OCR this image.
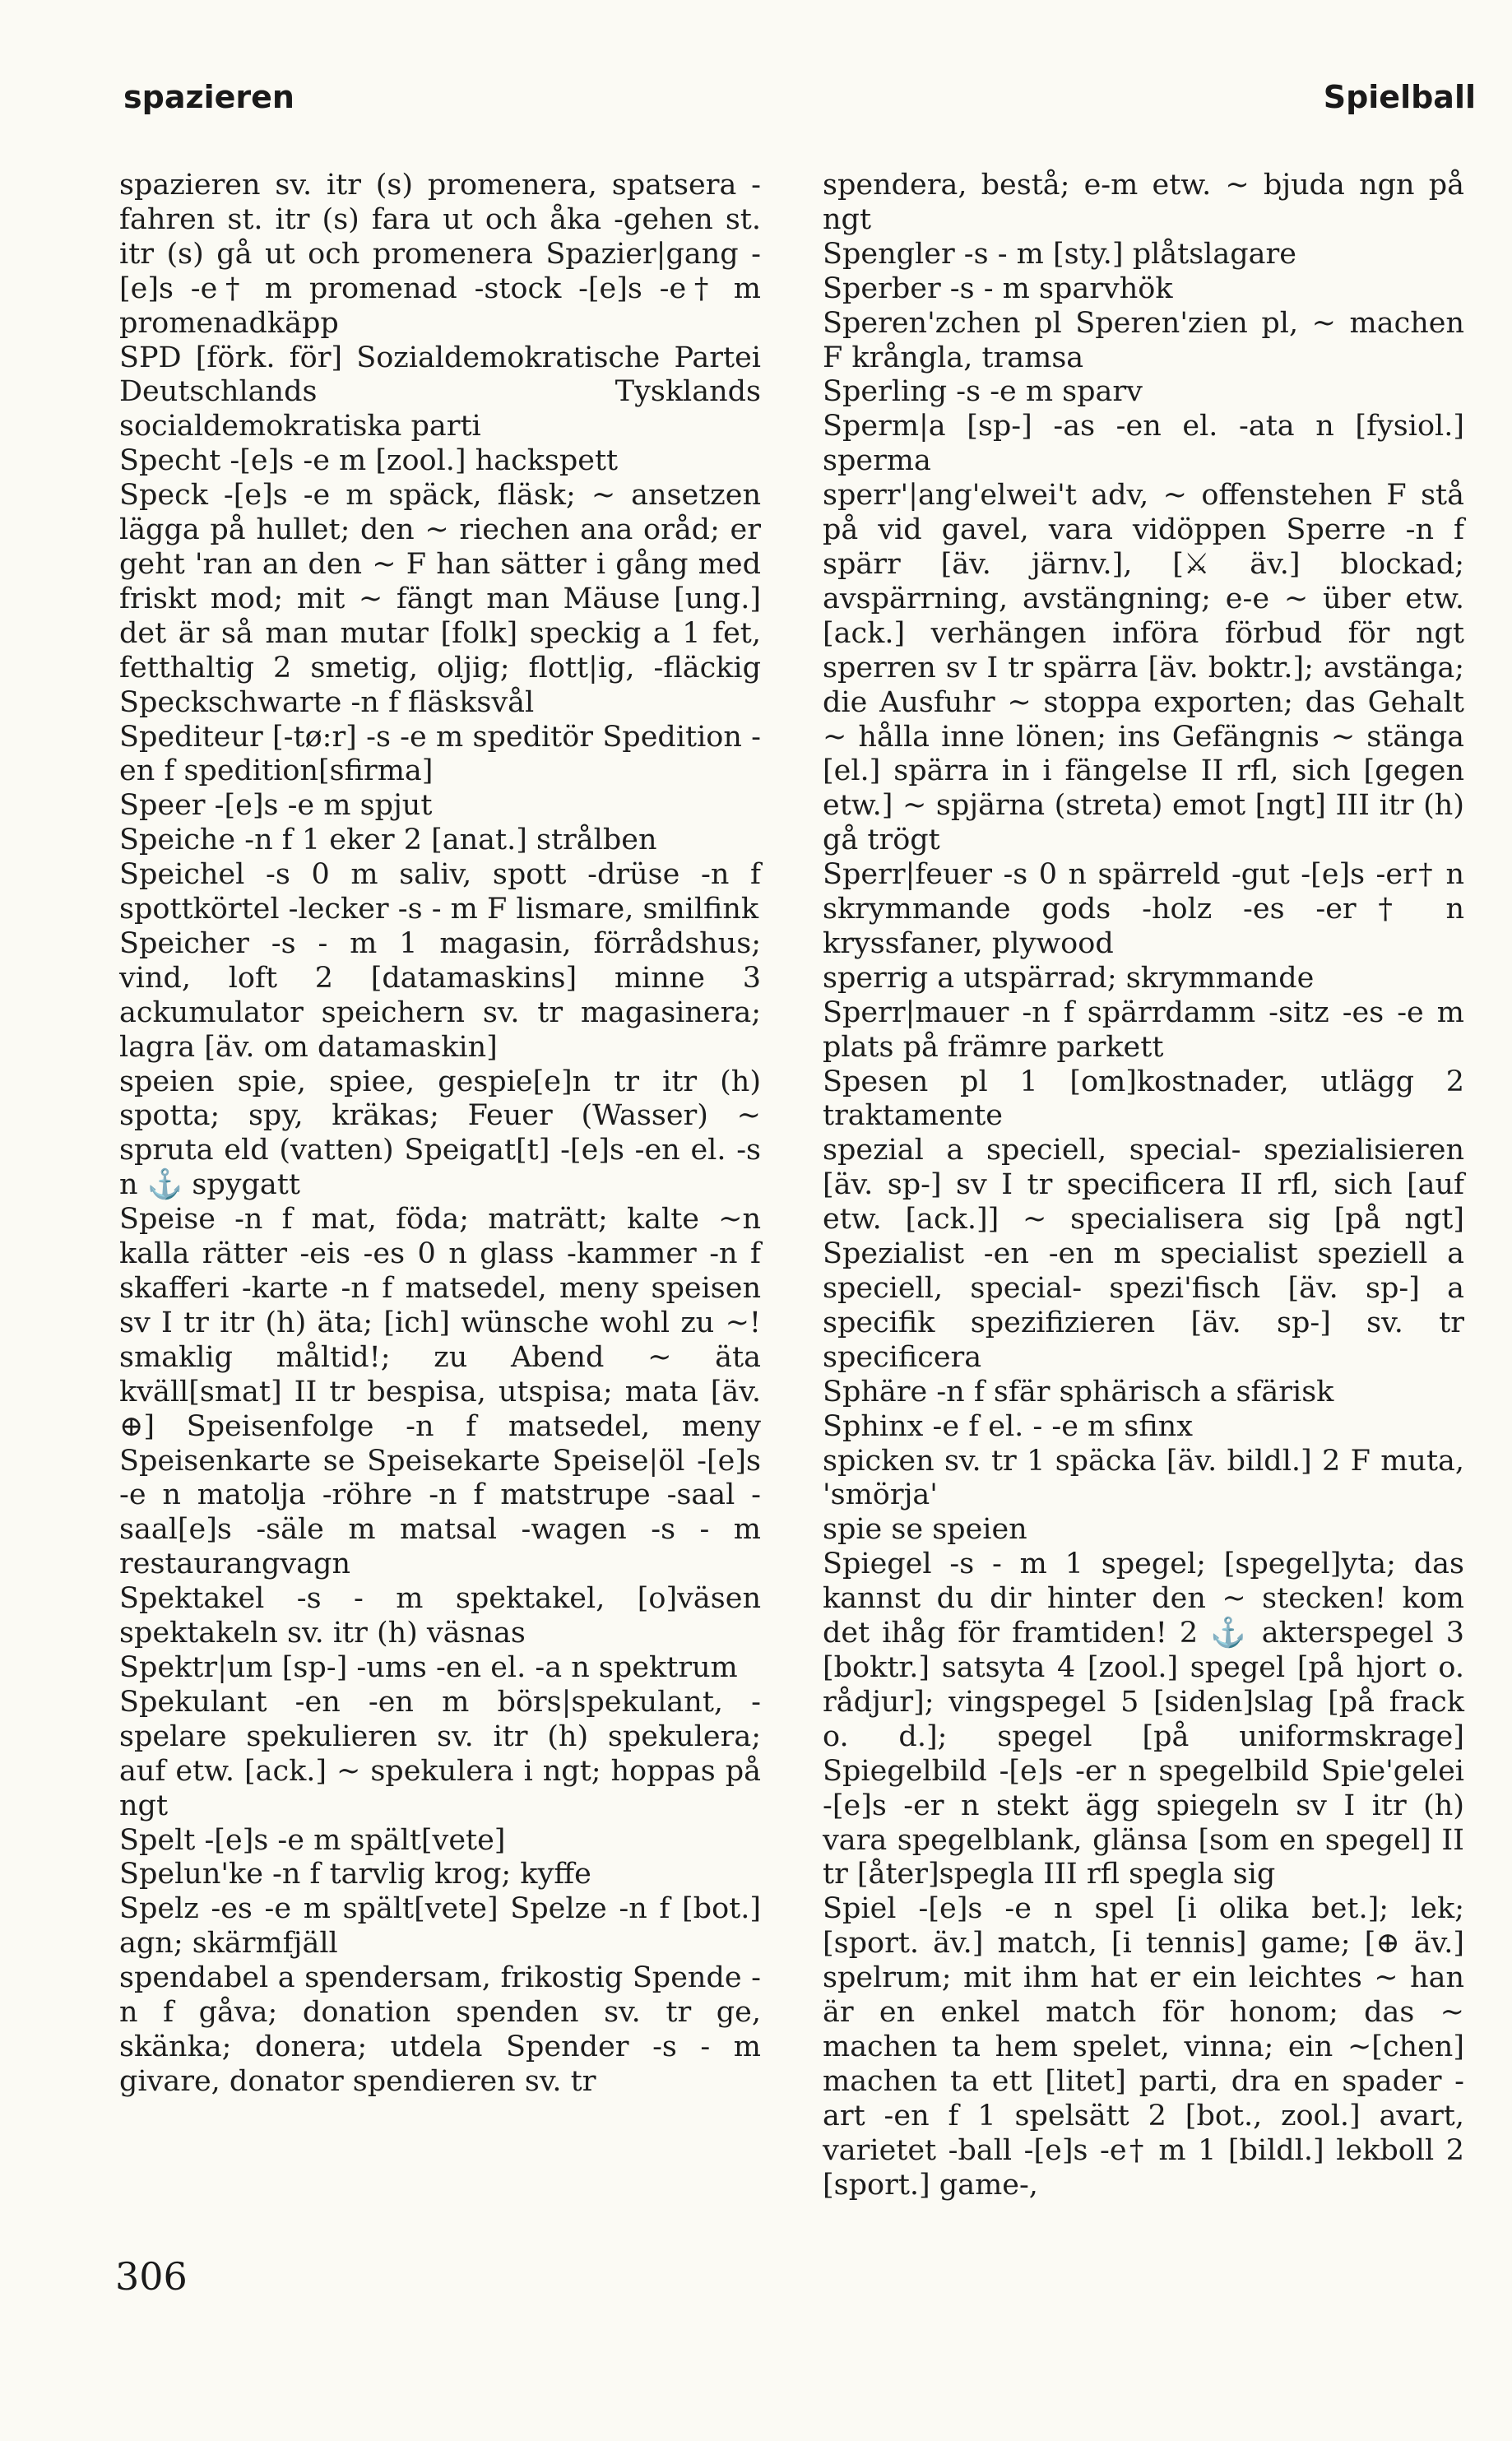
spazieren	Spielball

spazieren sv. itr (s) promenera, spatsera -fahren st. itr (s) fara ut och åka -gehen st. itr (s) gå ut och promenera Spazier|gang -[e]s -e† m promenad -stock -[e]s -e† m promenadkäpp

SPD [förk. för] Sozialdemokratische Partei Deutschlands Tysklands socialdemokratiska parti

Specht -[e]s -e m [zool.] hackspett

Speck -[e]s -e m späck, fläsk; ~ ansetzen lägga på hullet; den ~ riechen ana oråd; er geht 'ran an den ~ F han sätter i gång med friskt mod; mit ~ fängt man Mäuse [ung.] det är så man mutar [folk] speckig a 1 fet, fetthaltig 2 smetig, oljig; flott|ig, -fläckig Speckschwarte -n f fläsksvål

Spediteur [-tø:r] -s -e m speditör Spedition -en f spedition[sfirma]

Speer -[e]s -e m spjut

Speiche -n f 1 eker 2 [anat.] strålben

Speichel -s 0 m saliv, spott -drüse -n f spottkörtel -lecker -s - m F lismare, smilfink

Speicher -s - m 1 magasin, förrådshus; vind, loft 2 [datamaskins] minne 3 ackumulator speichern sv. tr magasinera; lagra [äv. om datamaskin]

speien spie, spiee, gespie[e]n tr itr (h) spotta; spy, kräkas; Feuer (Wasser) ~ spruta eld (vatten) Speigat[t] -[e]s -en el. -s n ⚓ spygatt

Speise -n f mat, föda; maträtt; kalte ~n kalla rätter -eis -es 0 n glass -kammer -n f skafferi -karte -n f matsedel, meny speisen sv I tr itr (h) äta; [ich] wünsche wohl zu ~! smaklig måltid!; zu Abend ~ äta kväll[smat] II tr bespisa, utspisa; mata [äv. ⊕] Speisenfolge -n f matsedel, meny Speisenkarte se Speisekarte Speise|öl -[e]s -e n matolja -röhre -n f matstrupe -saal -saal[e]s -säle m matsal -wagen -s - m restaurangvagn

Spektakel -s - m spektakel, [o]väsen spektakeln sv. itr (h) väsnas

Spektr|um [sp-] -ums -en el. -a n spektrum

Spekulant -en -en m börs|spekulant, -spelare spekulieren sv. itr (h) spekulera; auf etw. [ack.] ~ spekulera i ngt; hoppas på ngt

Spelt -[e]s -e m spält[vete]

Spelun'ke -n f tarvlig krog; kyffe

Spelz -es -e m spält[vete] Spelze -n f [bot.] agn; skärmfjäll

spendabel a spendersam, frikostig Spende -n f gåva; donation spenden sv. tr ge, skänka; donera; utdela Spender -s - m givare, donator spendieren sv. tr

spendera, bestå; e-m etw. ~ bjuda ngn på ngt

Spengler -s - m [sty.] plåtslagare

Sperber -s - m sparvhök

Speren'zchen pl Speren'zien pl, ~ machen F krångla, tramsa

Sperling -s -e m sparv

Sperm|a [sp-] -as -en el. -ata n [fysiol.] sperma

sperr'|ang'elwei't adv, ~ offenstehen F stå på vid gavel, vara vidöppen Sperre -n f spärr [äv. järnv.], [⚔ äv.] blockad; avspärrning, avstängning; e-e ~ über etw. [ack.] verhängen införa förbud för ngt sperren sv I tr spärra [äv. boktr.]; avstänga; die Ausfuhr ~ stoppa exporten; das Gehalt ~ hålla inne lönen; ins Gefängnis ~ stänga [el.] spärra in i fängelse II rfl, sich [gegen etw.] ~ spjärna (streta) emot [ngt] III itr (h) gå trögt

Sperr|feuer -s 0 n spärreld -gut -[e]s -er† n skrymmande gods -holz -es -er† n kryssfaner, plywood

sperrig a utspärrad; skrymmande

Sperr|mauer -n f spärrdamm -sitz -es -e m plats på främre parkett

Spesen pl 1 [om]kostnader, utlägg 2 traktamente

spezial a speciell, special- spezialisieren [äv. sp-] sv I tr specificera II rfl, sich [auf etw. [ack.]] ~ specialisera sig [på ngt] Spezialist -en -en m specialist speziell a speciell, special- spezi'fisch [äv. sp-] a specifik spezifizieren [äv. sp-] sv. tr specificera

Sphäre -n f sfär sphärisch a sfärisk

Sphinx -e f el. - -e m sfinx

spicken sv. tr 1 späcka [äv. bildl.] 2 F muta, 'smörja'

spie se speien

Spiegel -s - m 1 spegel; [spegel]yta; das kannst du dir hinter den ~ stecken! kom det ihåg för framtiden! 2 ⚓ akterspegel 3 [boktr.] satsyta 4 [zool.] spegel [på hjort o. rådjur]; vingspegel 5 [siden]slag [på frack o. d.]; spegel [på uniformskrage] Spiegelbild -[e]s -er n spegelbild Spie'gelei -[e]s -er n stekt ägg spiegeln sv I itr (h) vara spegelblank, glänsa [som en spegel] II tr [åter]spegla III rfl spegla sig

Spiel -[e]s -e n spel [i olika bet.]; lek; [sport. äv.] match, [i tennis] game; [⊕ äv.] spelrum; mit ihm hat er ein leichtes ~ han är en enkel match för honom; das ~ machen ta hem spelet, vinna; ein ~[chen] machen ta ett [litet] parti, dra en spader -art -en f 1 spelsätt 2 [bot., zool.] avart, varietet -ball -[e]s -e† m 1 [bildl.] lekboll 2 [sport.] game-,

306
